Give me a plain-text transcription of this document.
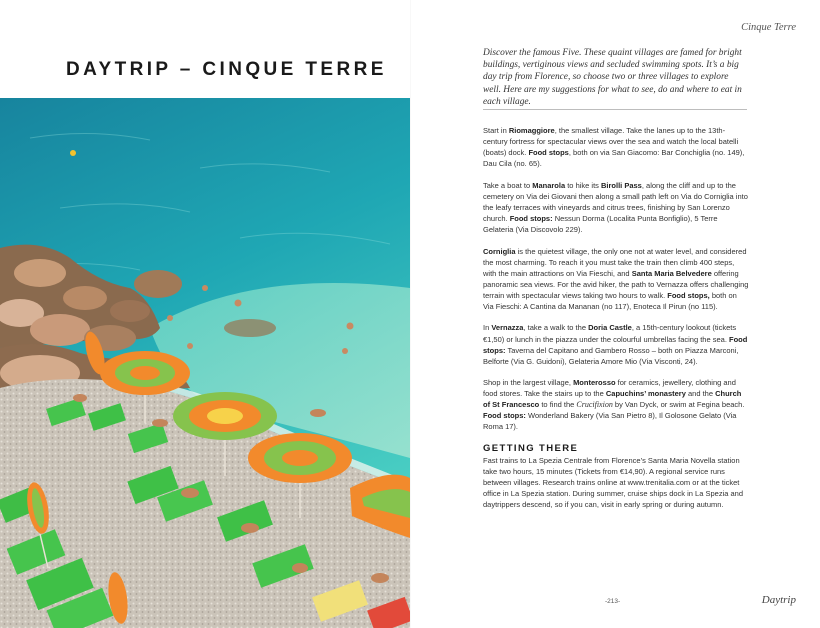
DAYTRIP – CINQUE TERRE
Cinque Terre

Discover the famous Five. These quaint villages are famed for bright buildings, vertiginous views and secluded swimming spots. It’s a big day trip from Florence, so choose two or three villages to explore well. Here are my suggestions for what to see, do and where to eat in each village.

Start in Riomaggiore, the smallest village. Take the lanes up to the 13th-century fortress for spectacular views over the sea and watch the local batelli (boats) dock. Food stops, both on via San Giacomo: Bar Conchiglia (no. 149), Dau Cila (no. 65).

Take a boat to Manarola to hike its Birolli Pass, along the cliff and up to the cemetery on Via dei Giovani then along a small path left on Via do Corniglia into the leafy terraces with vineyards and citrus trees, finishing by San Lorenzo church. Food stops: Nessun Dorma (Localita Punta Bonfiglio), 5 Terre Gelateria (Via Discovolo 229).

Corniglia is the quietest village, the only one not at water level, and considered the most charming. To reach it you must take the train then climb 400 steps, with the main attractions on Via Fieschi, and Santa Maria Belvedere offering panoramic sea views. For the avid hiker, the path to Vernazza offers challenging terrain with spectacular views taking two hours to walk. Food stops, both on Via Fieschi: A Cantina da Mananan (no 117), Enoteca Il Pirun (no 115).

In Vernazza, take a walk to the Doria Castle, a 15th-century lookout (tickets €1,50) or lunch in the piazza under the colourful umbrellas facing the sea. Food stops: Taverna del Capitano and Gambero Rosso – both on Piazza Marconi, Belforte (Via G. Guidoni), Gelateria Amore Mio (Via Visconti, 24).

Shop in the largest village, Monterosso for ceramics, jewellery, clothing and food stores. Take the stairs up to the Capuchins’ monastery and the Church of St Francesco to find the Crucifixion by Van Dyck, or swim at Fegina beach. Food stops: Wonderland Bakery (Via San Pietro 8), Il Golosone Gelato (Via Roma 17).

GETTING THERE

Fast trains to La Spezia Centrale from Florence’s Santa Maria Novella station take two hours, 15 minutes (Tickets from €14,90). A regional service runs between villages. Research trains online at www.trenitalia.com or at the ticket office in La Spezia station. During summer, cruise ships dock in La Spezia and daytrippers descend, so if you can, visit in early spring or during autumn.

-213-	Daytrip
